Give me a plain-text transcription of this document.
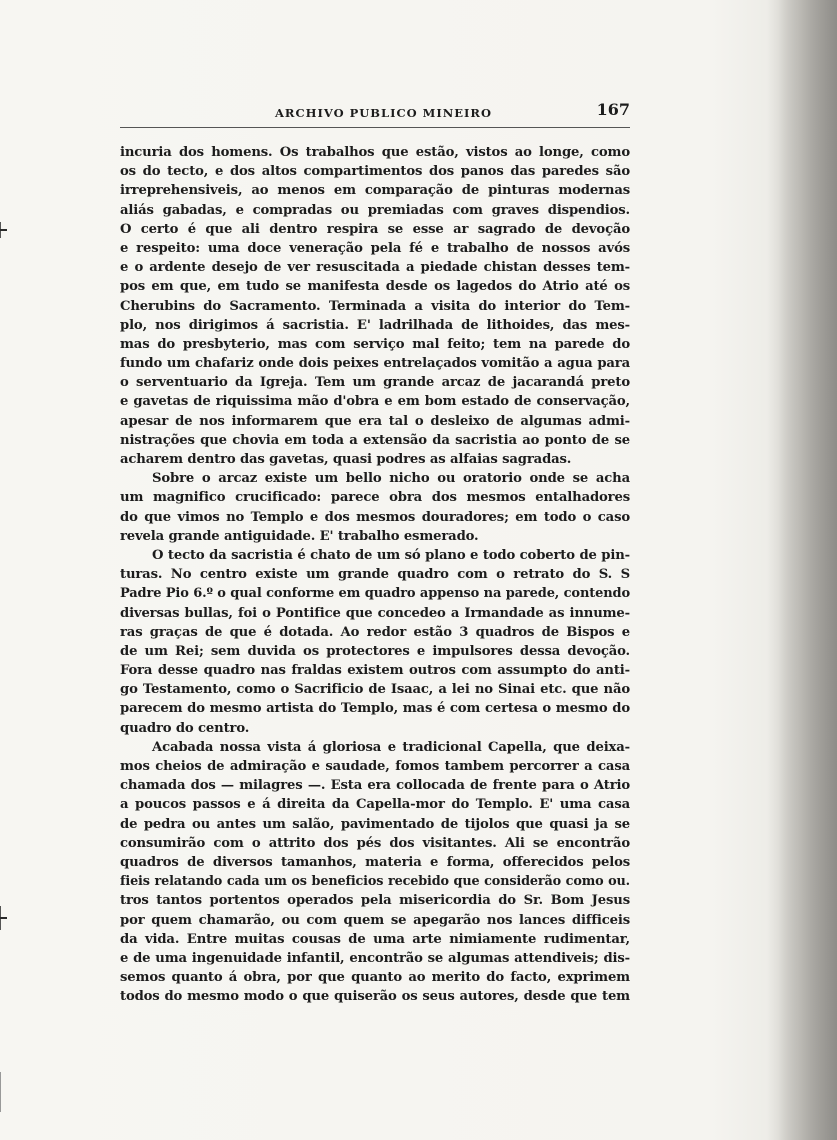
ARCHIVO PUBLICO MINEIRO	167
incuria dos homens. Os trabalhos que estão, vistos ao longe, como
os do tecto, e dos altos compartimentos dos panos das paredes são
irreprehensiveis, ao menos em comparação de pinturas modernas
aliás gabadas, e compradas ou premiadas com graves dispendios.
O certo é que ali dentro respira se esse ar sagrado de devoção
e respeito: uma doce veneração pela fé e trabalho de nossos avós
e o ardente desejo de ver resuscitada a piedade chistan desses tem-
pos em que, em tudo se manifesta desde os lagedos do Atrio até os
Cherubins do Sacramento. Terminada a visita do interior do Tem-
plo, nos dirigimos á sacristia. E' ladrilhada de lithoides, das mes-
mas do presbyterio, mas com serviço mal feito; tem na parede do
fundo um chafariz onde dois peixes entrelaçados vomitão a agua para
o serventuario da Igreja. Tem um grande arcaz de jacarandá preto
e gavetas de riquissima mão d'obra e em bom estado de conservação,
apesar de nos informarem que era tal o desleixo de algumas admi-
nistrações que chovia em toda a extensão da sacristia ao ponto de se
acharem dentro das gavetas, quasi podres as alfaias sagradas.
Sobre o arcaz existe um bello nicho ou oratorio onde se acha
um magnifico crucificado: parece obra dos mesmos entalhadores
do que vimos no Templo e dos mesmos douradores; em todo o caso
revela grande antiguidade. E' trabalho esmerado.
O tecto da sacristia é chato de um só plano e todo coberto de pin-
turas. No centro existe um grande quadro com o retrato do S. S
Padre Pio 6.º o qual conforme em quadro appenso na parede, contendo
diversas bullas, foi o Pontifice que concedeo a Irmandade as innume-
ras graças de que é dotada. Ao redor estão 3 quadros de Bispos e
de um Rei; sem duvida os protectores e impulsores dessa devoção.
Fora desse quadro nas fraldas existem outros com assumpto do anti-
go Testamento, como o Sacrificio de Isaac, a lei no Sinai etc. que não
parecem do mesmo artista do Templo, mas é com certesa o mesmo do
quadro do centro.
Acabada nossa vista á gloriosa e tradicional Capella, que deixa-
mos cheios de admiração e saudade, fomos tambem percorrer a casa
chamada dos — milagres —. Esta era collocada de frente para o Atrio
a poucos passos e á direita da Capella-mor do Templo. E' uma casa
de pedra ou antes um salão, pavimentado de tijolos que quasi ja se
consumirão com o attrito dos pés dos visitantes. Ali se encontrão
quadros de diversos tamanhos, materia e forma, offerecidos pelos
fieis relatando cada um os beneficios recebido que considerão como ou.
tros tantos portentos operados pela misericordia do Sr. Bom Jesus
por quem chamarão, ou com quem se apegarão nos lances difficeis
da vida. Entre muitas cousas de uma arte nimiamente rudimentar,
e de uma ingenuidade infantil, encontrão se algumas attendiveis; dis-
semos quanto á obra, por que quanto ao merito do facto, exprimem
todos do mesmo modo o que quiserão os seus autores, desde que tem
